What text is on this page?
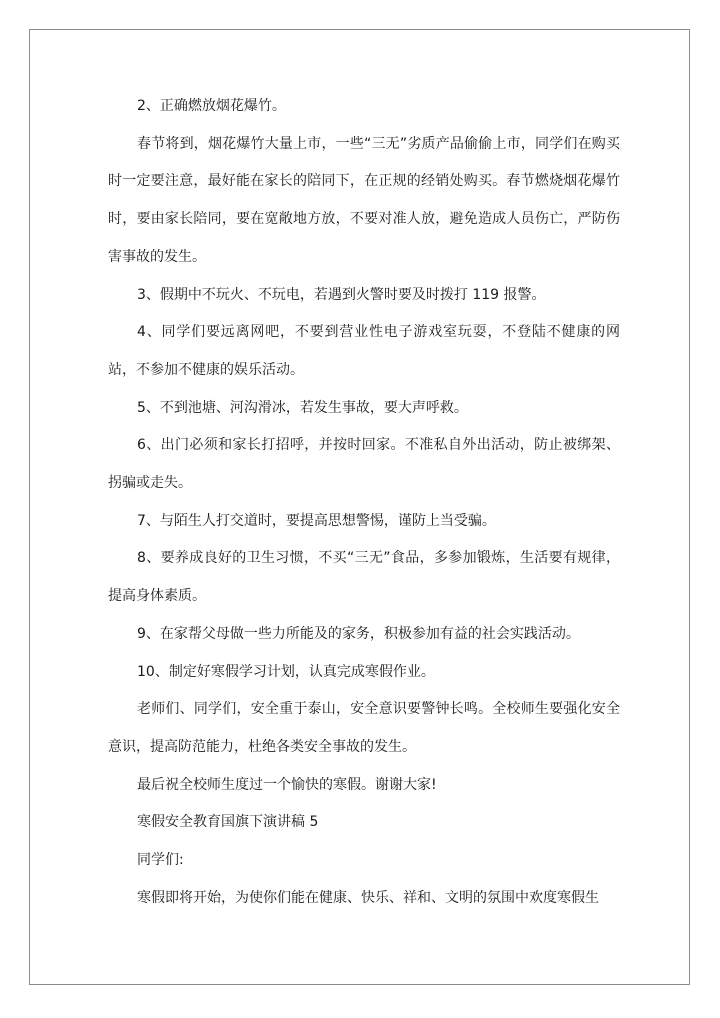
2、正确燃放烟花爆竹。

春节将到，烟花爆竹大量上市，一些“三无”劣质产品偷偷上市，同学们在购买时一定要注意，最好能在家长的陪同下，在正规的经销处购买。春节燃烧烟花爆竹时，要由家长陪同，要在宽敞地方放，不要对准人放，避免造成人员伤亡，严防伤害事故的发生。

3、假期中不玩火、不玩电，若遇到火警时要及时拨打 119 报警。

4、同学们要远离网吧，不要到营业性电子游戏室玩耍，不登陆不健康的网站，不参加不健康的娱乐活动。

5、不到池塘、河沟滑冰，若发生事故，要大声呼救。

6、出门必须和家长打招呼，并按时回家。不准私自外出活动，防止被绑架、拐骗或走失。

7、与陌生人打交道时，要提高思想警惕，谨防上当受骗。

8、要养成良好的卫生习惯，不买“三无”食品，多参加锻炼，生活要有规律，提高身体素质。

9、在家帮父母做一些力所能及的家务，积极参加有益的社会实践活动。

10、制定好寒假学习计划，认真完成寒假作业。

老师们、同学们，安全重于泰山，安全意识要警钟长鸣。全校师生要强化安全意识，提高防范能力，杜绝各类安全事故的发生。

最后祝全校师生度过一个愉快的寒假。谢谢大家!

寒假安全教育国旗下演讲稿 5

同学们:

寒假即将开始，为使你们能在健康、快乐、祥和、文明的氛围中欢度寒假生
